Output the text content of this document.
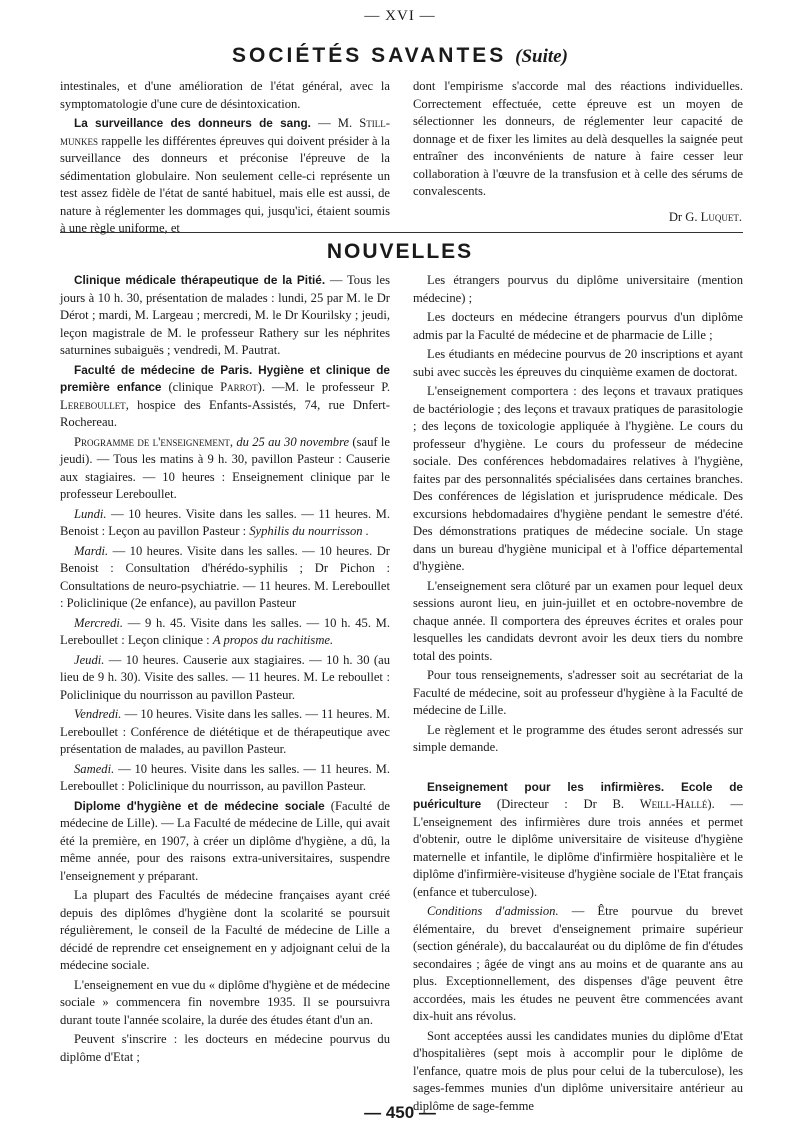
— XVI —
SOCIÉTÉS SAVANTES (Suite)

intestinales, et d'une amélioration de l'état général, avec la symptomatologie d'une cure de désintoxication.

La surveillance des donneurs de sang. — M. Still-munkes rappelle les différentes épreuves qui doivent présider à la surveillance des donneurs et préconise l'épreuve de la sédimentation globulaire. Non seulement celle-ci représente un test assez fidèle de l'état de santé habituel, mais elle est aussi, de nature à réglementer les dommages qui, jusqu'ici, étaient soumis à une règle uniforme, et

dont l'empirisme s'accorde mal des réactions individuelles. Correctement effectuée, cette épreuve est un moyen de sélectionner les donneurs, de réglementer leur capacité de donnage et de fixer les limites au delà desquelles la saignée peut entraîner des inconvénients de nature à faire cesser leur collaboration à l'œuvre de la transfusion et à celle des sérums de convalescents.

Dr G. Luquet.
NOUVELLES

Clinique médicale thérapeutique de la Pitié. — Tous les jours à 10 h. 30, présentation de malades : lundi, 25 par M. le Dr Dérot ; mardi, M. Largeau ; mercredi, M. le Dr Kourilsky ; jeudi, leçon magistrale de M. le professeur Rathery sur les néphrites saturnines subaiguës ; vendredi, M. Pautrat.

Faculté de médecine de Paris. Hygiène et clinique de première enfance (clinique Parrot). —M. le professeur P. Lereboullet, hospice des Enfants-Assistés, 74, rue Dnfert-Rochereau.

Programme de l'enseignement, du 25 au 30 novembre (sauf le jeudi). — Tous les matins à 9 h. 30, pavillon Pasteur : Causerie aux stagiaires. — 10 heures : Enseignement clinique par le professeur Lereboullet.

Lundi. — 10 heures. Visite dans les salles. — 11 heures. M. Benoist : Leçon au pavillon Pasteur : Syphilis du nourrisson .

Mardi. — 10 heures. Visite dans les salles. — 10 heures. Dr Benoist : Consultation d'hérédo-syphilis ; Dr Pichon : Consultations de neuro-psychiatrie. — 11 heures. M. Lereboullet : Policlinique (2e enfance), au pavillon Pasteur

Mercredi. — 9 h. 45. Visite dans les salles. — 10 h. 45. M. Lereboullet : Leçon clinique : A propos du rachitisme.

Jeudi. — 10 heures. Causerie aux stagiaires. — 10 h. 30 (au lieu de 9 h. 30). Visite des salles. — 11 heures. M. Le reboullet : Policlinique du nourrisson au pavillon Pasteur.

Vendredi. — 10 heures. Visite dans les salles. — 11 heures. M. Lereboullet : Conférence de diététique et de thérapeutique avec présentation de malades, au pavillon Pasteur.

Samedi. — 10 heures. Visite dans les salles. — 11 heures. M. Lereboullet : Policlinique du nourrisson, au pavillon Pasteur.

Diplome d'hygiène et de médecine sociale (Faculté de médecine de Lille). — La Faculté de médecine de Lille, qui avait été la première, en 1907, à créer un diplôme d'hygiène, a dû, la même année, pour des raisons extra-universitaires, suspendre l'enseignement y préparant.

La plupart des Facultés de médecine françaises ayant créé depuis des diplômes d'hygiène dont la scolarité se poursuit régulièrement, le conseil de la Faculté de médecine de Lille a décidé de reprendre cet enseignement en y adjoignant celui de la médecine sociale.

L'enseignement en vue du « diplôme d'hygiène et de médecine sociale » commencera fin novembre 1935. Il se poursuivra durant toute l'année scolaire, la durée des études étant d'un an.

Peuvent s'inscrire : les docteurs en médecine pourvus du diplôme d'Etat ;

Les étrangers pourvus du diplôme universitaire (mention médecine) ;

Les docteurs en médecine étrangers pourvus d'un diplôme admis par la Faculté de médecine et de pharmacie de Lille ;

Les étudiants en médecine pourvus de 20 inscriptions et ayant subi avec succès les épreuves du cinquième examen de doctorat.

L'enseignement comportera : des leçons et travaux pratiques de bactériologie ; des leçons et travaux pratiques de parasitologie ; des leçons de toxicologie appliquée à l'hygiène. Le cours du professeur d'hygiène. Le cours du professeur de médecine sociale. Des conférences hebdomadaires relatives à l'hygiène, faites par des personnalités spécialisées dans certaines branches. Des conférences de législation et jurisprudence médicale. Des excursions hebdomadaires d'hygiène pendant le semestre d'été. Des démonstrations pratiques de médecine sociale. Un stage dans un bureau d'hygiène municipal et à l'office départemental d'hygiène.

L'enseignement sera clôturé par un examen pour lequel deux sessions auront lieu, en juin-juillet et en octobre-novembre de chaque année. Il comportera des épreuves écrites et orales pour lesquelles les candidats devront avoir les deux tiers du nombre total des points.

Pour tous renseignements, s'adresser soit au secrétariat de la Faculté de médecine, soit au professeur d'hygiène à la Faculté de médecine de Lille.

Le règlement et le programme des études seront adressés sur simple demande.

Enseignement pour les infirmières. Ecole de puériculture (Directeur : Dr B. Weill-Hallé). — L'enseignement des infirmières dure trois années et permet d'obtenir, outre le diplôme universitaire de visiteuse d'hygiène maternelle et infantile, le diplôme d'infirmière hospitalière et le diplôme d'infirmière-visiteuse d'hygiène sociale de l'Etat français (enfance et tuberculose).

Conditions d'admission. — Être pourvue du brevet élémentaire, du brevet d'enseignement primaire supérieur (section générale), du baccalauréat ou du diplôme de fin d'études secondaires ; âgée de vingt ans au moins et de quarante ans au plus. Exceptionnellement, des dispenses d'âge peuvent être accordées, mais les études ne peuvent être commencées avant dix-huit ans révolus.

Sont acceptées aussi les candidates munies du diplôme d'Etat d'hospitalières (sept mois à accomplir pour le diplôme de l'enfance, quatre mois de plus pour celui de la tuberculose), les sages-femmes munies d'un diplôme universitaire antérieur au diplôme de sage-femme

— 450 —
